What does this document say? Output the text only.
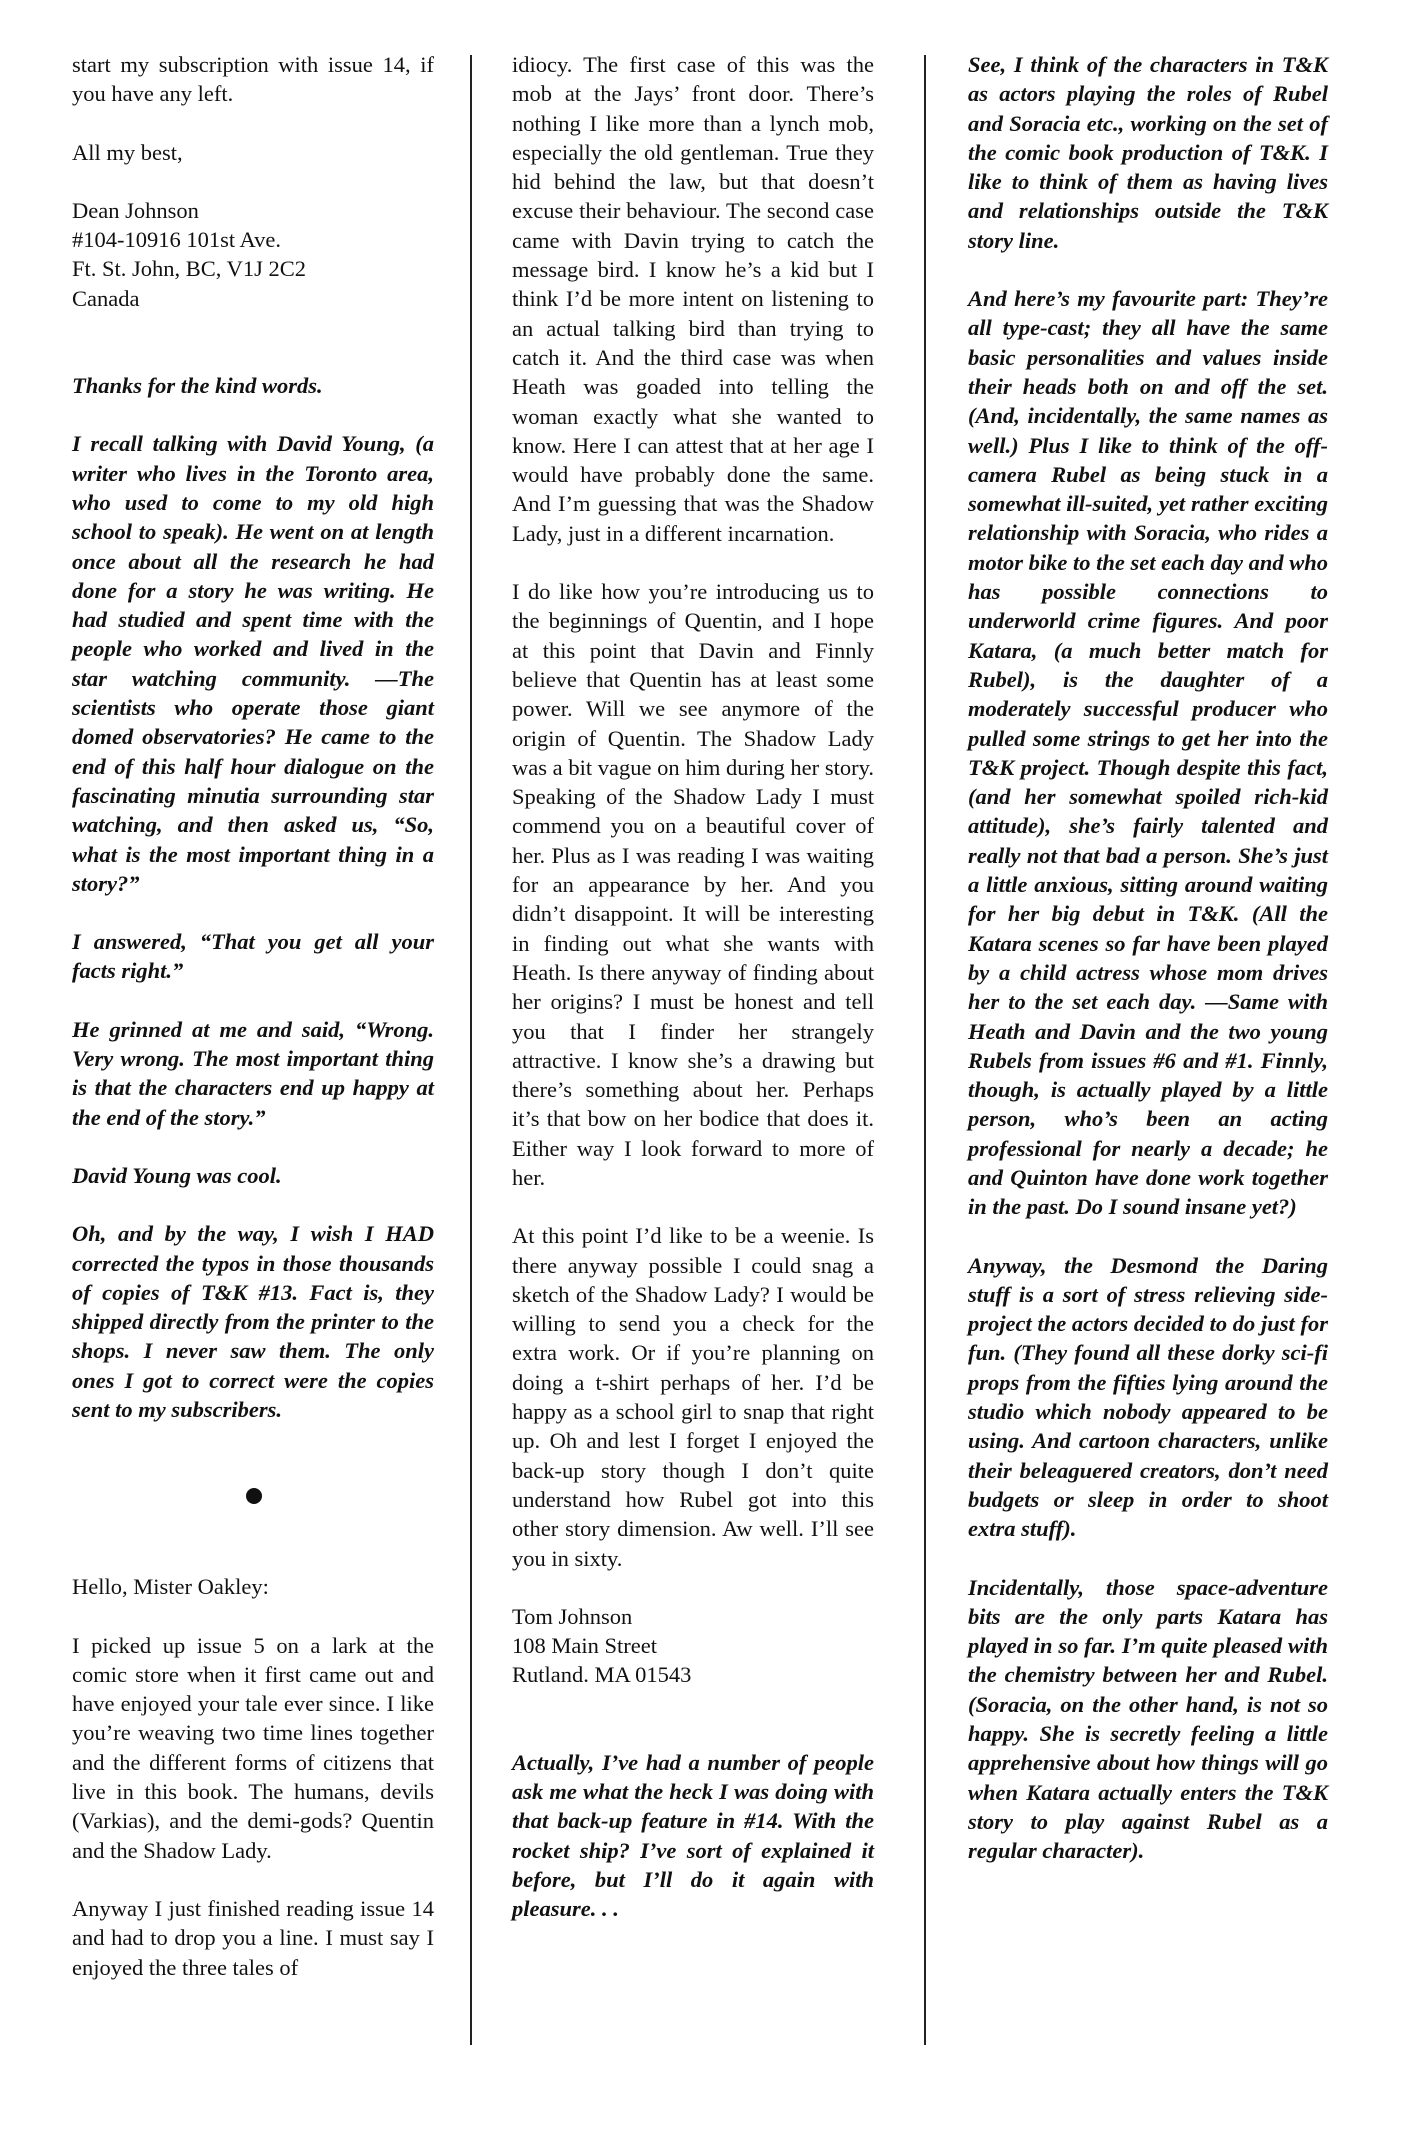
start my subscription with issue 14, if you have any left.

All my best,

Dean Johnson
#104-10916 101st Ave.
Ft. St. John, BC, V1J 2C2
Canada

Thanks for the kind words.

I recall talking with David Young, (a writer who lives in the Toronto area, who used to come to my old high school to speak). He went on at length once about all the research he had done for a story he was writing. He had studied and spent time with the people who worked and lived in the star watching community. —The scientists who operate those giant domed observatories? He came to the end of this half hour dialogue on the fascinating minutia surrounding star watching, and then asked us, “So, what is the most important thing in a story?”

I answered, “That you get all your facts right.”

He grinned at me and said, “Wrong. Very wrong. The most important thing is that the characters end up happy at the end of the story.”

David Young was cool.

Oh, and by the way, I wish I HAD corrected the typos in those thousands of copies of T&K #13. Fact is, they shipped directly from the printer to the shops. I never saw them. The only ones I got to correct were the copies sent to my subscribers.

Hello, Mister Oakley:

I picked up issue 5 on a lark at the comic store when it first came out and have enjoyed your tale ever since. I like you’re weaving two time lines together and the different forms of citizens that live in this book. The humans, devils (Varkias), and the demi-gods? Quentin and the Shadow Lady.

Anyway I just finished reading issue 14 and had to drop you a line. I must say I enjoyed the three tales of

idiocy. The first case of this was the mob at the Jays’ front door. There’s nothing I like more than a lynch mob, especially the old gentleman. True they hid behind the law, but that doesn’t excuse their behaviour. The second case came with Davin trying to catch the message bird. I know he’s a kid but I think I’d be more intent on listening to an actual talking bird than trying to catch it. And the third case was when Heath was goaded into telling the woman exactly what she wanted to know. Here I can attest that at her age I would have probably done the same. And I’m guessing that was the Shadow Lady, just in a different incarnation.

I do like how you’re introducing us to the beginnings of Quentin, and I hope at this point that Davin and Finnly believe that Quentin has at least some power. Will we see anymore of the origin of Quentin. The Shadow Lady was a bit vague on him during her story. Speaking of the Shadow Lady I must commend you on a beautiful cover of her. Plus as I was reading I was waiting for an appearance by her. And you didn’t disappoint. It will be interesting in finding out what she wants with Heath. Is there anyway of finding about her origins? I must be honest and tell you that I finder her strangely attractive. I know she’s a drawing but there’s something about her. Perhaps it’s that bow on her bodice that does it. Either way I look forward to more of her.

At this point I’d like to be a weenie. Is there anyway possible I could snag a sketch of the Shadow Lady? I would be willing to send you a check for the extra work. Or if you’re planning on doing a t-shirt perhaps of her. I’d be happy as a school girl to snap that right up. Oh and lest I forget I enjoyed the back-up story though I don’t quite understand how Rubel got into this other story dimension. Aw well. I’ll see you in sixty.

Tom Johnson
108 Main Street
Rutland. MA 01543

Actually, I’ve had a number of people ask me what the heck I was doing with that back-up feature in #14. With the rocket ship? I’ve sort of explained it before, but I’ll do it again with pleasure. . .

See, I think of the characters in T&K as actors playing the roles of Rubel and Soracia etc., working on the set of the comic book production of T&K. I like to think of them as having lives and relationships outside the T&K story line.

And here’s my favourite part: They’re all type-cast; they all have the same basic personalities and values inside their heads both on and off the set. (And, incidentally, the same names as well.) Plus I like to think of the off-camera Rubel as being stuck in a somewhat ill-suited, yet rather exciting relationship with Soracia, who rides a motor bike to the set each day and who has possible connections to underworld crime figures. And poor Katara, (a much better match for Rubel), is the daughter of a moderately successful producer who pulled some strings to get her into the T&K project. Though despite this fact, (and her somewhat spoiled rich-kid attitude), she’s fairly talented and really not that bad a person. She’s just a little anxious, sitting around waiting for her big debut in T&K. (All the Katara scenes so far have been played by a child actress whose mom drives her to the set each day. —Same with Heath and Davin and the two young Rubels from issues #6 and #1. Finnly, though, is actually played by a little person, who’s been an acting professional for nearly a decade; he and Quinton have done work together in the past. Do I sound insane yet?)

Anyway, the Desmond the Daring stuff is a sort of stress relieving side-project the actors decided to do just for fun. (They found all these dorky sci-fi props from the fifties lying around the studio which nobody appeared to be using. And cartoon characters, unlike their beleaguered creators, don’t need budgets or sleep in order to shoot extra stuff).

Incidentally, those space-adventure bits are the only parts Katara has played in so far. I’m quite pleased with the chemistry between her and Rubel. (Soracia, on the other hand, is not so happy. She is secretly feeling a little apprehensive about how things will go when Katara actually enters the T&K story to play against Rubel as a regular character).
